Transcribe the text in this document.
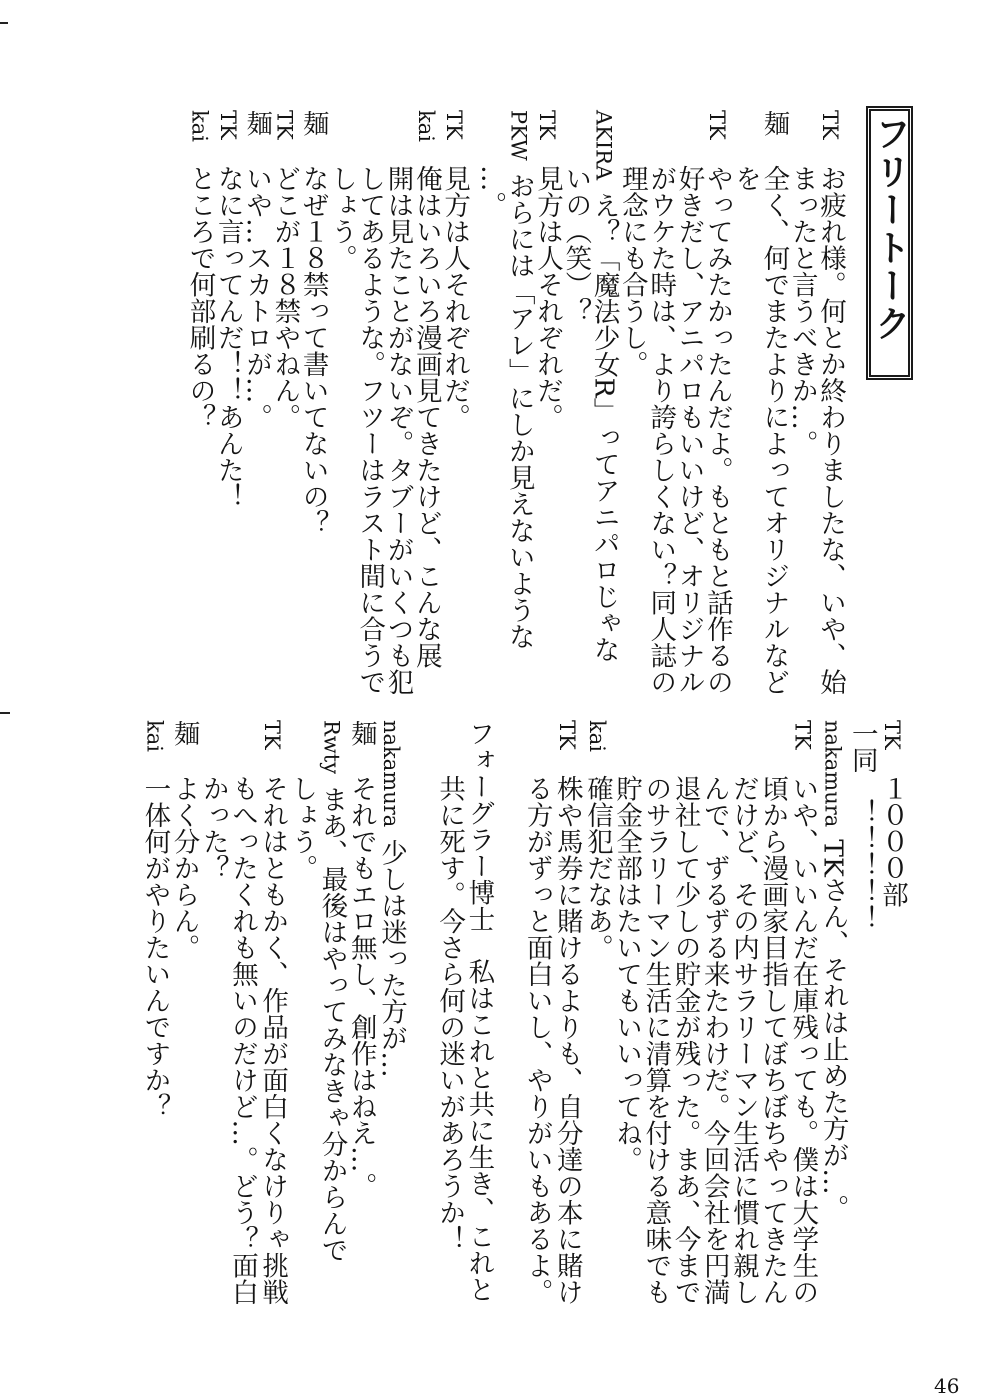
フリートーク
TKお疲れ様。何とか終わりましたな、いや、始
まったと言うべきか…。
麺全く、何でまたよりによってオリジナルなど
を
TKやってみたかったんだよ。もともと話作るの
好きだし、アニパロもいいけど、オリジナル
がウケた時は、より誇らしくない？同人誌の
理念にも合うし。
AKIRAえ？「魔法少女R」ってアニパロじゃな
いの（笑）？
TK見方は人それぞれだ。
PKWおらには「アレ」にしか見えないような
…。
TK見方は人それぞれだ。
kai俺はいろいろ漫画見てきたけど、こんな展
開は見たことがないぞ。タブーがいくつも犯
してあるような。フツーはラスト間に合うで
しょう。
麺なぜ１８禁って書いてないの？
TKどこが１８禁やねん。
麺いや…スカトロが…。
TKなに言ってんだ！！あんた！
kaiところで何部刷るの？
TK１０００部
一同！！！！！
nakamuraTKさん、それは止めた方が…。
TKいや、いいんだ在庫残っても。僕は大学生の
頃から漫画家目指してぼちぼちやってきたん
だけど、その内サラリーマン生活に慣れ親し
んで、ずるずる来たわけだ。今回会社を円満
退社して少しの貯金が残った。まあ、今まで
のサラリーマン生活に清算を付ける意味でも
貯金全部はたいてもいいってね。
kai確信犯だなあ。
TK株や馬券に賭けるよりも、自分達の本に賭け
る方がずっと面白いし、やりがいもあるよ。
フォーグラー博士私はこれと共に生き、これと
共に死す。今さら何の迷いがあろうか！
nakamura少しは迷った方が…
麺それでもエロ無し、創作はねえ…。
Rwtyまあ、最後はやってみなきゃ分からんで
しょう。
TKそれはともかく、作品が面白くなけりゃ挑戦
もへったくれも無いのだけど…。どう？面白
かった？
麺よく分からん。
kai一体何がやりたいんですか？
46
